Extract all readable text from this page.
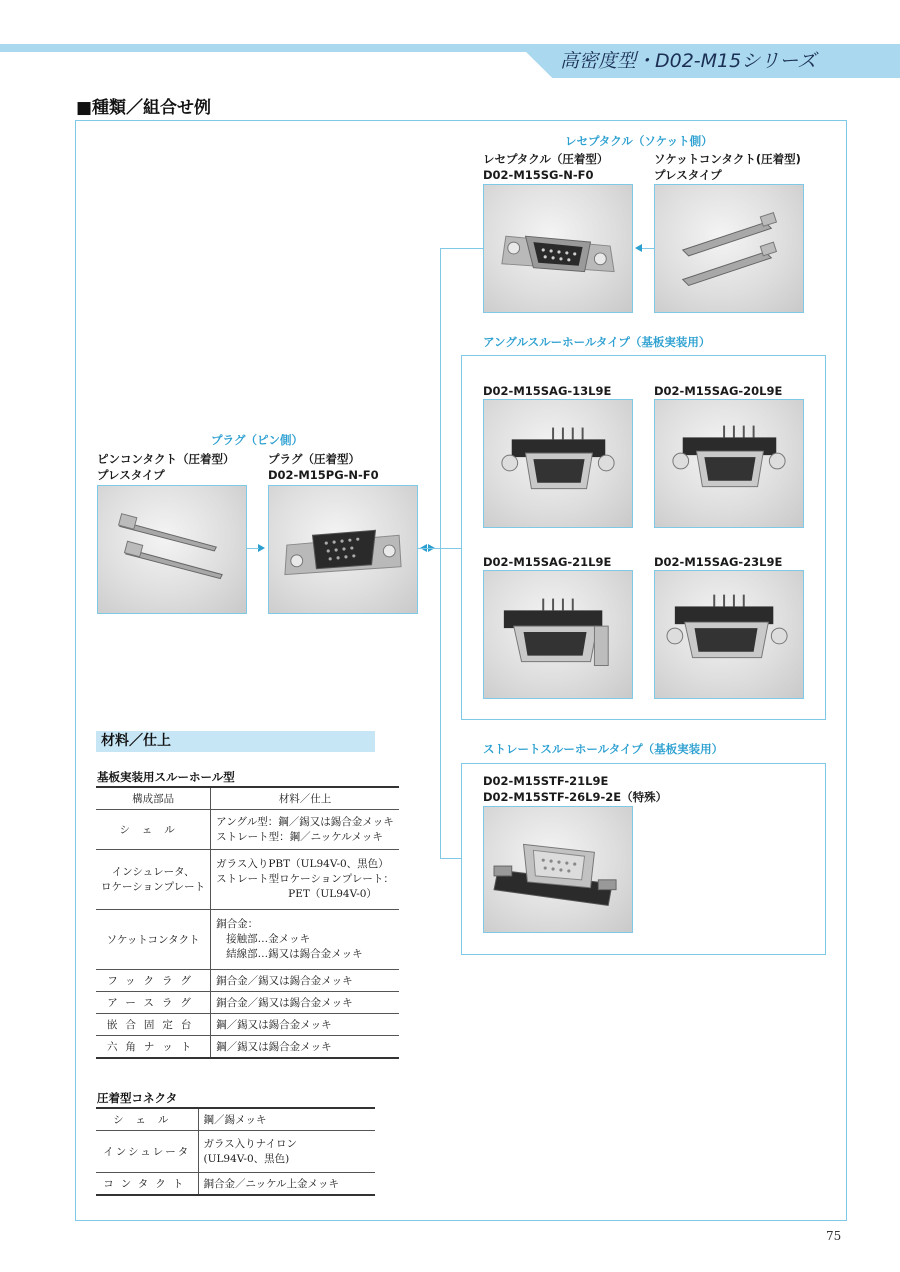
高密度型・D02-M15シリーズ
■種類／組合せ例
レセプタクル（ソケット側）
レセプタクル（圧着型）
D02-M15SG-N-F0
ソケットコンタクト(圧着型)
プレスタイプ
アングルスルーホールタイプ（基板実装用）
D02-M15SAG-13L9E	D02-M15SAG-20L9E
D02-M15SAG-21L9E	D02-M15SAG-23L9E
プラグ（ピン側）
ピンコンタクト（圧着型）
プレスタイプ
プラグ（圧着型）
D02-M15PG-N-F0
ストレートスルーホールタイプ（基板実装用）
D02-M15STF-21L9E
D02-M15STF-26L9-2E（特殊）
材料／仕上
基板実装用スルーホール型
構成部品	材料／仕上
シェル	アングル型：鋼／錫又は錫合金メッキ
ストレート型：鋼／ニッケルメッキ

インシュレータ、
ロケーションプレート	ガラス入りPBT（UL94V-0、黒色）
ストレート型ロケーションプレート：
PET（UL94V-0）

ソケットコンタクト	銅合金：
接触部…金メッキ
結線部…錫又は錫合金メッキ

フックラグ	銅合金／錫又は錫合金メッキ
アースラグ	銅合金／錫又は錫合金メッキ
嵌合固定台	鋼／錫又は錫合金メッキ
六角ナット	鋼／錫又は錫合金メッキ
圧着型コネクタ
シェル	鋼／錫メッキ
インシュレータ	ガラス入りナイロン
(UL94V-0、黒色)

コンタクト	銅合金／ニッケル上金メッキ
75
